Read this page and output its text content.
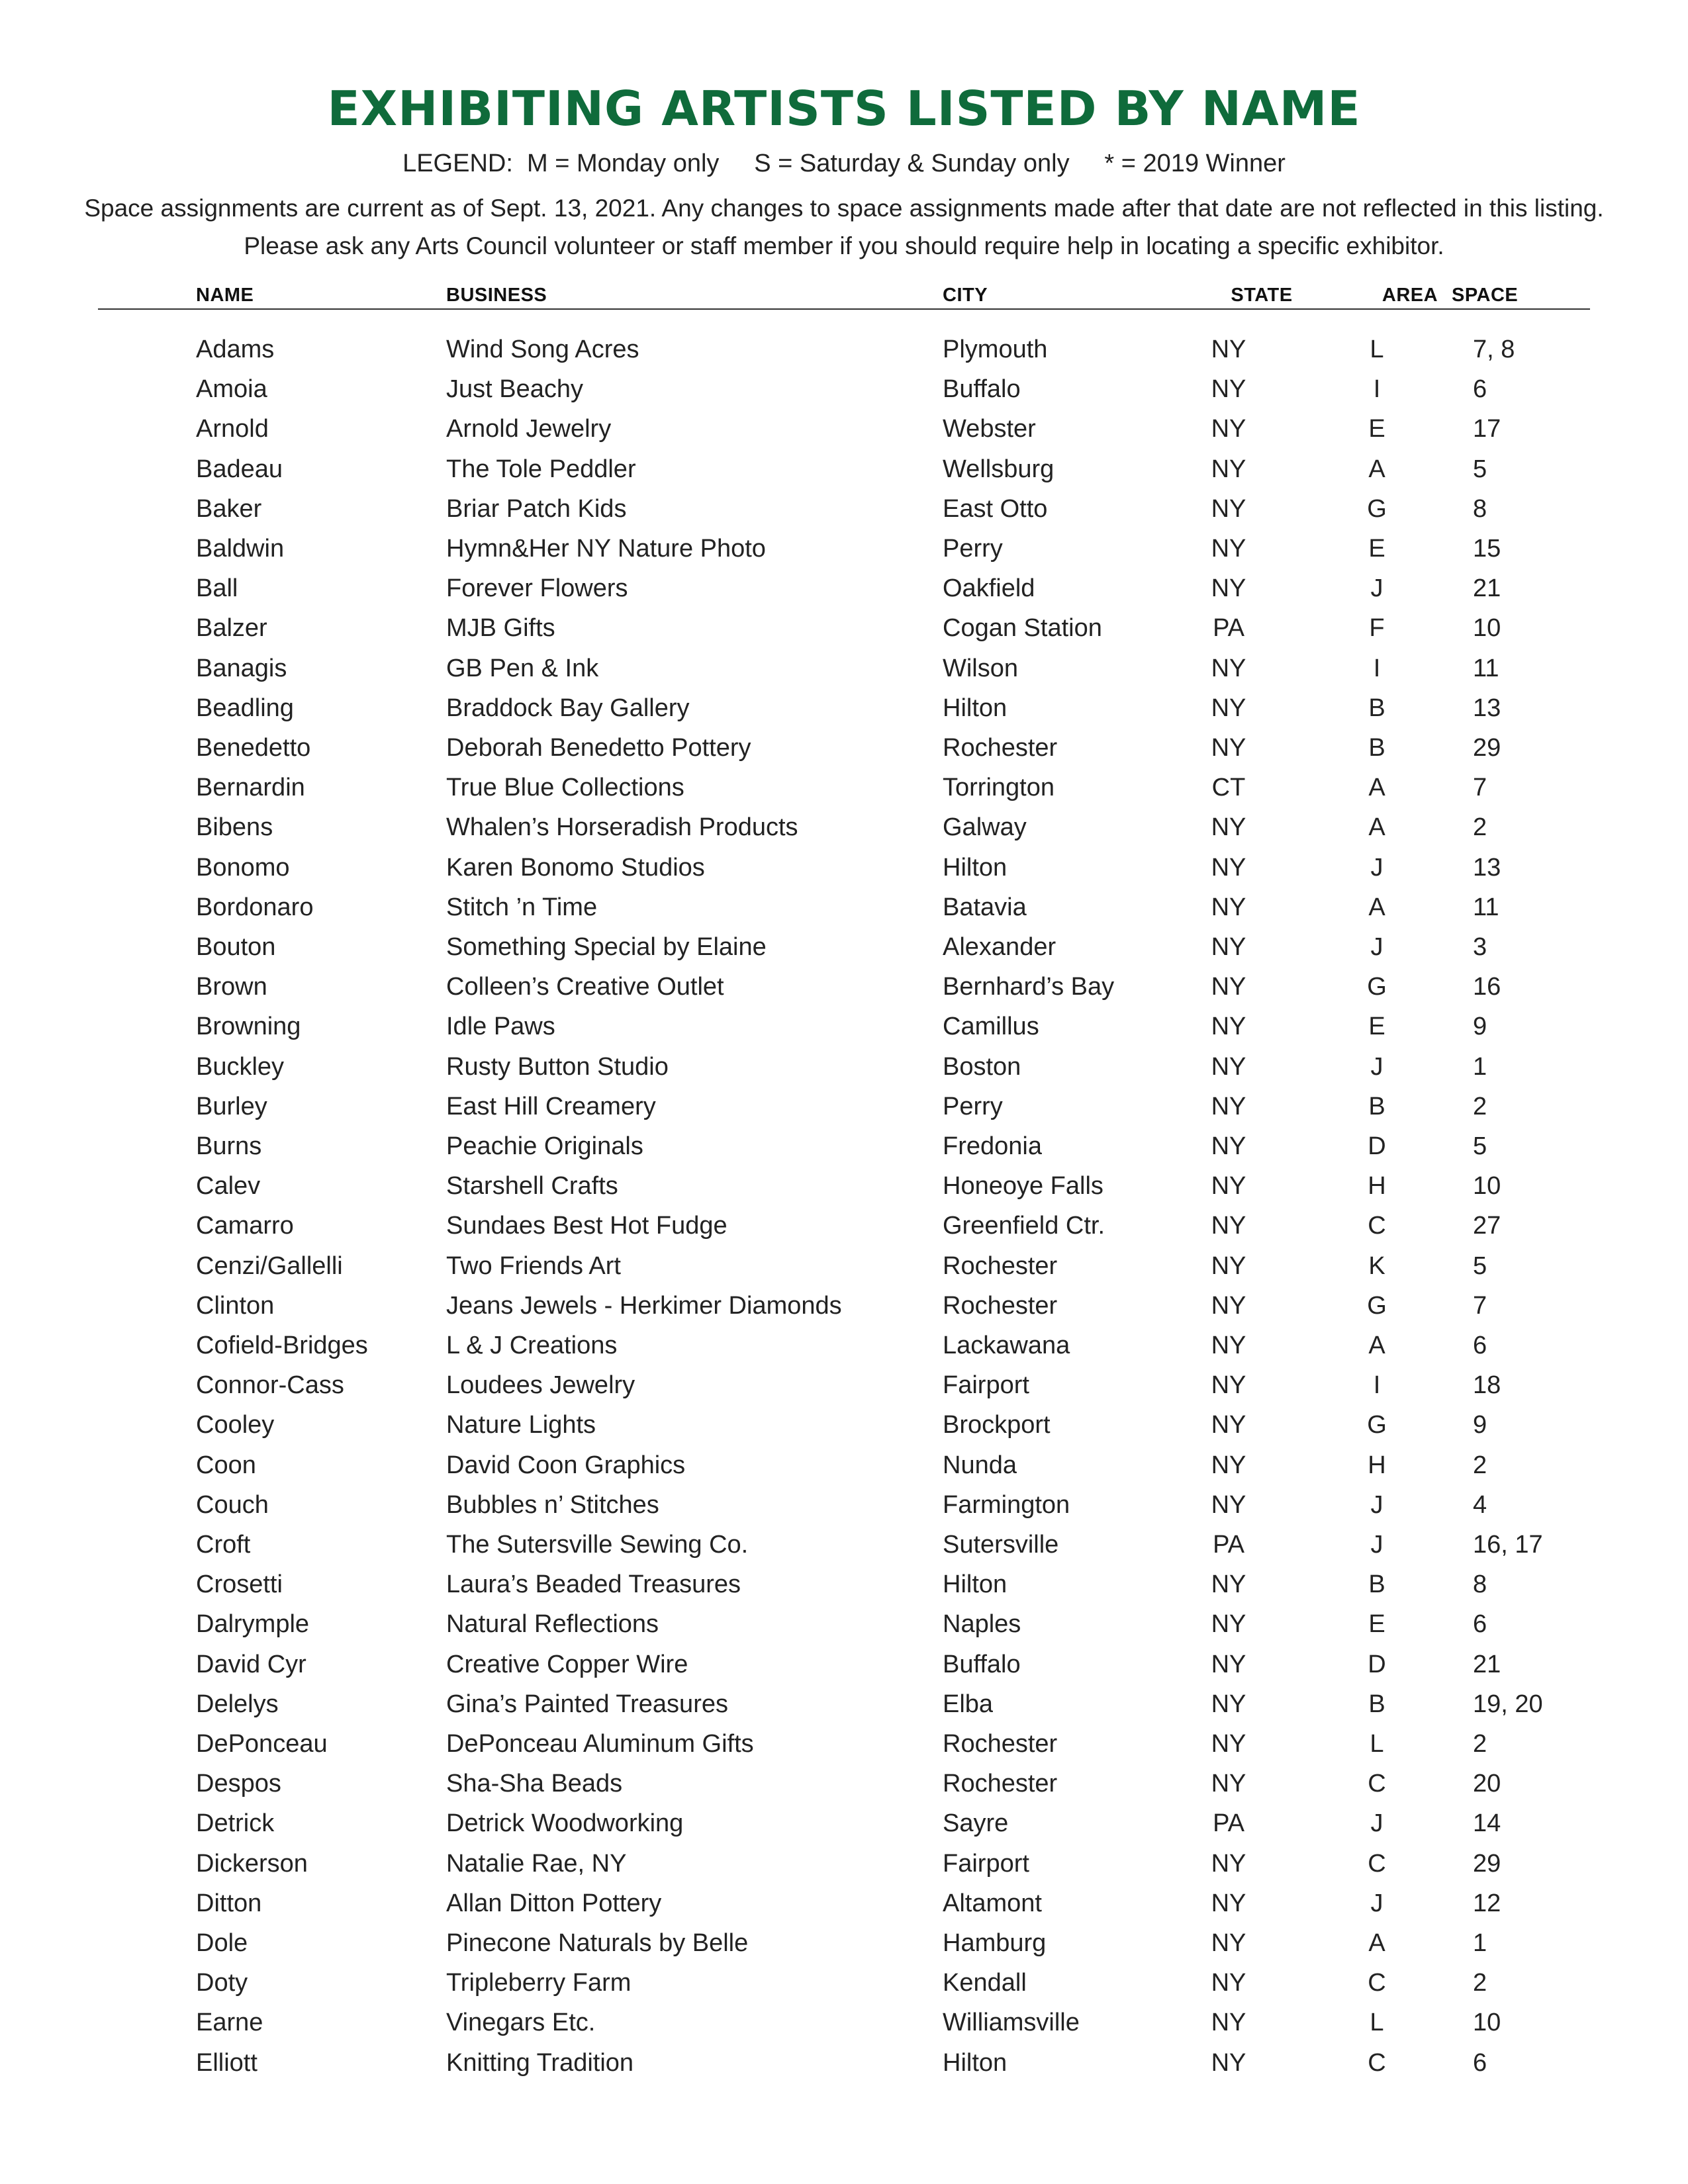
EXHIBITING ARTISTS LISTED BY NAME
LEGEND:  M = Monday only     S = Saturday & Sunday only     * = 2019 Winner
Space assignments are current as of Sept. 13, 2021. Any changes to space assignments made after that date are not reflected in this listing.
Please ask any Arts Council volunteer or staff member if you should require help in locating a specific exhibitor.
NAME	BUSINESS	CITY	STATE	AREA SPACE
Adams	Wind Song Acres	Plymouth	NY	L	7, 8
Amoia	Just Beachy	Buffalo	NY	I	6
Arnold	Arnold Jewelry	Webster	NY	E	17
Badeau	The Tole Peddler	Wellsburg	NY	A	5
Baker	Briar Patch Kids	East Otto	NY	G	8
Baldwin	Hymn&Her NY Nature Photo	Perry	NY	E	15
Ball	Forever Flowers	Oakfield	NY	J	21
Balzer	MJB Gifts	Cogan Station	PA	F	10
Banagis	GB Pen & Ink	Wilson	NY	I	11
Beadling	Braddock Bay Gallery	Hilton	NY	B	13
Benedetto	Deborah Benedetto Pottery	Rochester	NY	B	29
Bernardin	True Blue Collections	Torrington	CT	A	7
Bibens	Whalen’s Horseradish Products	Galway	NY	A	2
Bonomo	Karen Bonomo Studios	Hilton	NY	J	13
Bordonaro	Stitch ’n Time	Batavia	NY	A	11
Bouton	Something Special by Elaine	Alexander	NY	J	3
Brown	Colleen’s Creative Outlet	Bernhard’s Bay	NY	G	16
Browning	Idle Paws	Camillus	NY	E	9
Buckley	Rusty Button Studio	Boston	NY	J	1
Burley	East Hill Creamery	Perry	NY	B	2
Burns	Peachie Originals	Fredonia	NY	D	5
Calev	Starshell Crafts	Honeoye Falls	NY	H	10
Camarro	Sundaes Best Hot Fudge	Greenfield Ctr.	NY	C	27
Cenzi/Gallelli	Two Friends Art	Rochester	NY	K	5
Clinton	Jeans Jewels - Herkimer Diamonds	Rochester	NY	G	7
Cofield-Bridges	L & J Creations	Lackawana	NY	A	6
Connor-Cass	Loudees Jewelry	Fairport	NY	I	18
Cooley	Nature Lights	Brockport	NY	G	9
Coon	David Coon Graphics	Nunda	NY	H	2
Couch	Bubbles n’ Stitches	Farmington	NY	J	4
Croft	The Sutersville Sewing Co.	Sutersville	PA	J	16, 17
Crosetti	Laura’s Beaded Treasures	Hilton	NY	B	8
Dalrymple	Natural Reflections	Naples	NY	E	6
David Cyr	Creative Copper Wire	Buffalo	NY	D	21
Delelys	Gina’s Painted Treasures	Elba	NY	B	19, 20
DePonceau	DePonceau Aluminum Gifts	Rochester	NY	L	2
Despos	Sha-Sha Beads	Rochester	NY	C	20
Detrick	Detrick Woodworking	Sayre	PA	J	14
Dickerson	Natalie Rae, NY	Fairport	NY	C	29
Ditton	Allan Ditton Pottery	Altamont	NY	J	12
Dole	Pinecone Naturals by Belle	Hamburg	NY	A	1
Doty	Tripleberry Farm	Kendall	NY	C	2
Earne	Vinegars Etc.	Williamsville	NY	L	10
Elliott	Knitting Tradition	Hilton	NY	C	6
